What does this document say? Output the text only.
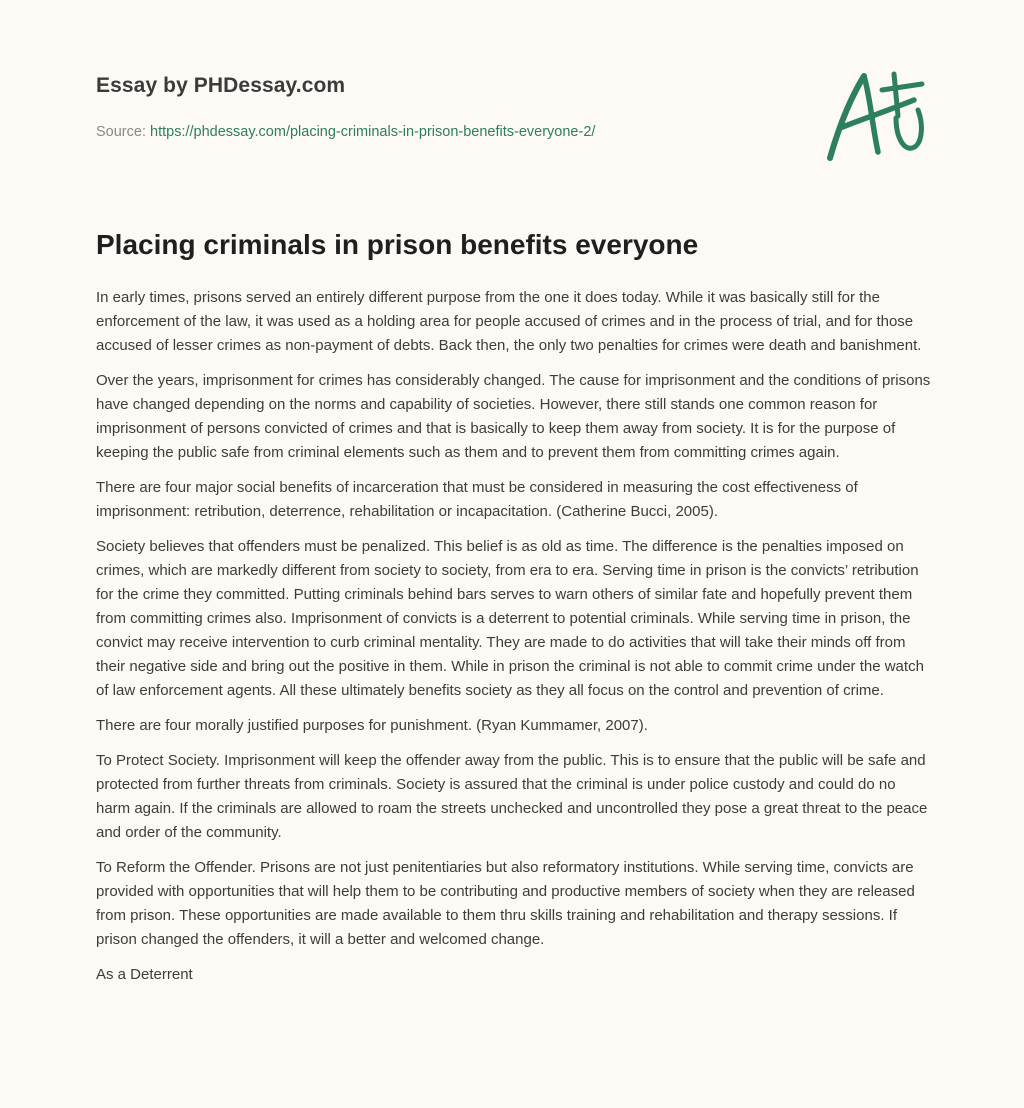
Essay by PHDessay.com
Source: https://phdessay.com/placing-criminals-in-prison-benefits-everyone-2/
Placing criminals in prison benefits everyone

In early times, prisons served an entirely different purpose from the one it does today. While it was basically still for the enforcement of the law, it was used as a holding area for people accused of crimes and in the process of trial, and for those accused of lesser crimes as non-payment of debts. Back then, the only two penalties for crimes were death and banishment.

Over the years, imprisonment for crimes has considerably changed. The cause for imprisonment and the conditions of prisons have changed depending on the norms and capability of societies. However, there still stands one common reason for imprisonment of persons convicted of crimes and that is basically to keep them away from society. It is for the purpose of keeping the public safe from criminal elements such as them and to prevent them from committing crimes again.

There are four major social benefits of incarceration that must be considered in measuring the cost effectiveness of imprisonment: retribution, deterrence, rehabilitation or incapacitation. (Catherine Bucci, 2005).

Society believes that offenders must be penalized. This belief is as old as time. The difference is the penalties imposed on crimes, which are markedly different from society to society, from era to era. Serving time in prison is the convicts’ retribution for the crime they committed. Putting criminals behind bars serves to warn others of similar fate and hopefully prevent them from committing crimes also. Imprisonment of convicts is a deterrent to potential criminals. While serving time in prison, the convict may receive intervention to curb criminal mentality. They are made to do activities that will take their minds off from their negative side and bring out the positive in them. While in prison the criminal is not able to commit crime under the watch of law enforcement agents. All these ultimately benefits society as they all focus on the control and prevention of crime.

There are four morally justified purposes for punishment. (Ryan Kummamer, 2007).

To Protect Society. Imprisonment will keep the offender away from the public. This is to ensure that the public will be safe and protected from further threats from criminals. Society is assured that the criminal is under police custody and could do no harm again. If the criminals are allowed to roam the streets unchecked and uncontrolled they pose a great threat to the peace and order of the community.

To Reform the Offender. Prisons are not just penitentiaries but also reformatory institutions. While serving time, convicts are provided with opportunities that will help them to be contributing and productive members of society when they are released from prison. These opportunities are made available to them thru skills training and rehabilitation and therapy sessions. If prison changed the offenders, it will a better and welcomed change.

As a Deterrent
